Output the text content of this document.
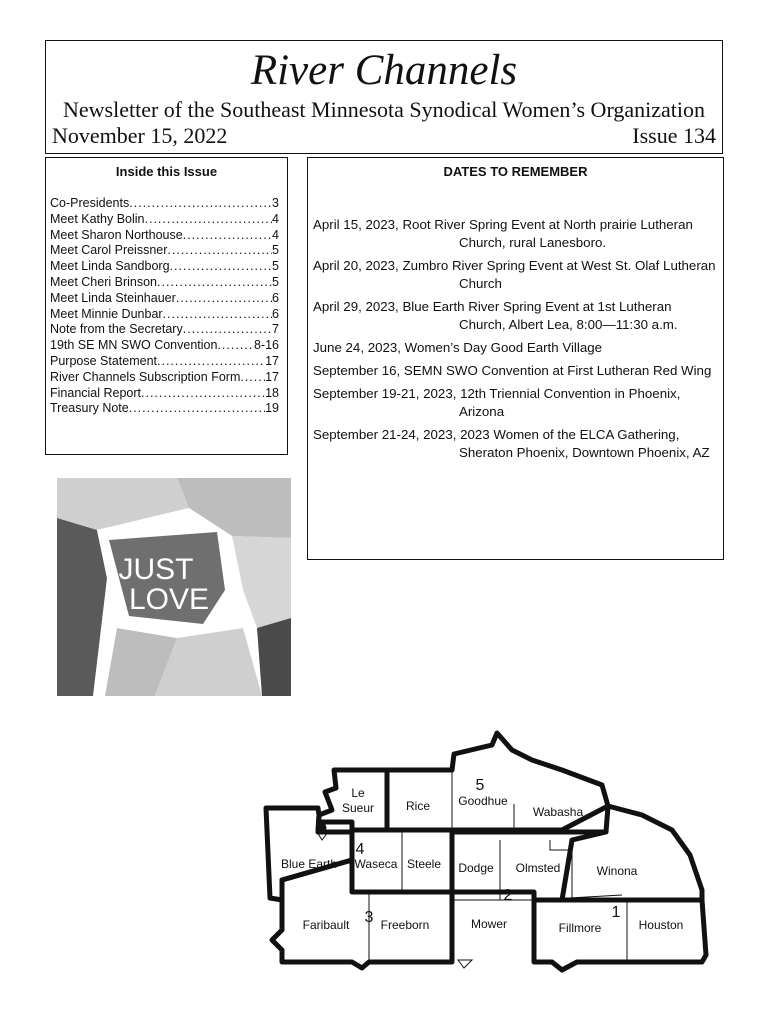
River Channels
Newsletter of the Southeast Minnesota Synodical Women’s Organization
November 15, 2022	Issue 134
Inside this Issue
Co-Presidents .....	3
Meet Kathy Bolin .....	4
Meet Sharon Northouse .....	4
Meet Carol Preissner .....	5
Meet Linda Sandborg .....	5
Meet Cheri Brinson .....	5
Meet Linda Steinhauer .....	6
Meet Minnie Dunbar .....	6
Note from the Secretary .....	7
19th SE MN SWO Convention .....	8-16
Purpose Statement .....	17
River Channels Subscription Form ..... 17
Financial Report .....	18
Treasury Note .....	19
DATES TO REMEMBER
April 15, 2023, Root River Spring Event at North prairie Lutheran Church, rural Lanesboro.
April 20, 2023, Zumbro River Spring Event at West St. Olaf Lutheran Church
April 29, 2023, Blue Earth River Spring Event at 1st Lutheran Church, Albert Lea, 8:00—11:30 a.m.
June 24, 2023, Women’s Day Good Earth Village
September 16, SEMN SWO Convention at First Lutheran Red Wing
September 19-21, 2023, 12th Triennial Convention in Phoenix, Arizona
September 21-24, 2023, 2023 Women of the ELCA Gathering, Sheraton Phoenix, Downtown Phoenix, AZ
JUST
LOVE
Le
Sueur	Rice Goodhue
Wabasha
Blue Earth Waseca Steele Dodge Olmsted	Winona
Faribault	Freeborn	Mower	Fillmore	Houston
1
2
3
4
5
